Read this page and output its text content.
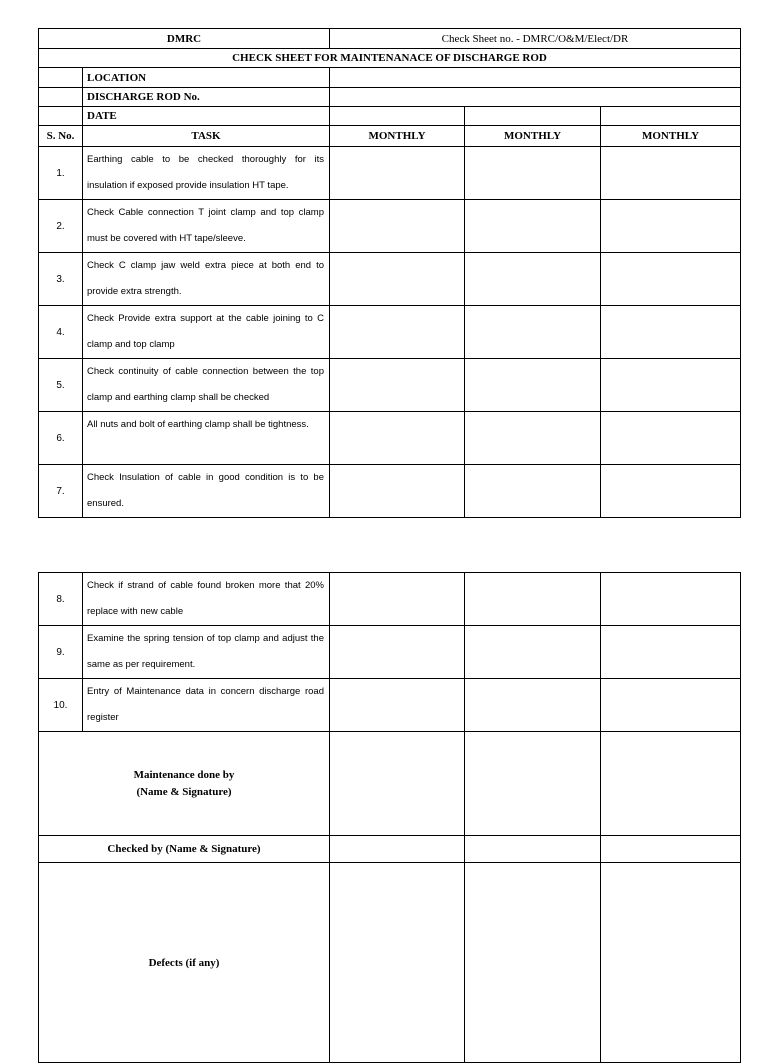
DMRC		Check Sheet no. - DMRC/O&M/Elect/DR		
CHECK SHEET FOR MAINTENANACE OF DISCHARGE ROD				
	LOCATION			
	DISCHARGE ROD No.			
	DATE			
S. No.	TASK	MONTHLY	MONTHLY	MONTHLY
1.	Earthing cable to be checked thoroughly for its insulation if exposed provide insulation HT tape.			
2.	Check Cable connection T joint clamp and top clamp must be covered with HT tape/sleeve.			
3.	Check C clamp jaw weld extra piece at both end to provide extra strength.			
4.	Check Provide extra support at the cable joining to C clamp and top clamp			
5.	Check continuity of cable connection between the top clamp and earthing clamp shall be checked			
6.	All nuts and bolt of earthing clamp shall be tightness.			
7.	Check Insulation of cable in good condition is to be ensured.			
8.	Check if strand of cable found broken more that 20% replace with new cable			
9.	Examine the spring tension of top clamp and adjust the same as per requirement.			
10.	Entry of Maintenance data in concern discharge road register			

Maintenance done by
(Name & Signature)				

Checked by (Name & Signature)				
Defects (if any)				
